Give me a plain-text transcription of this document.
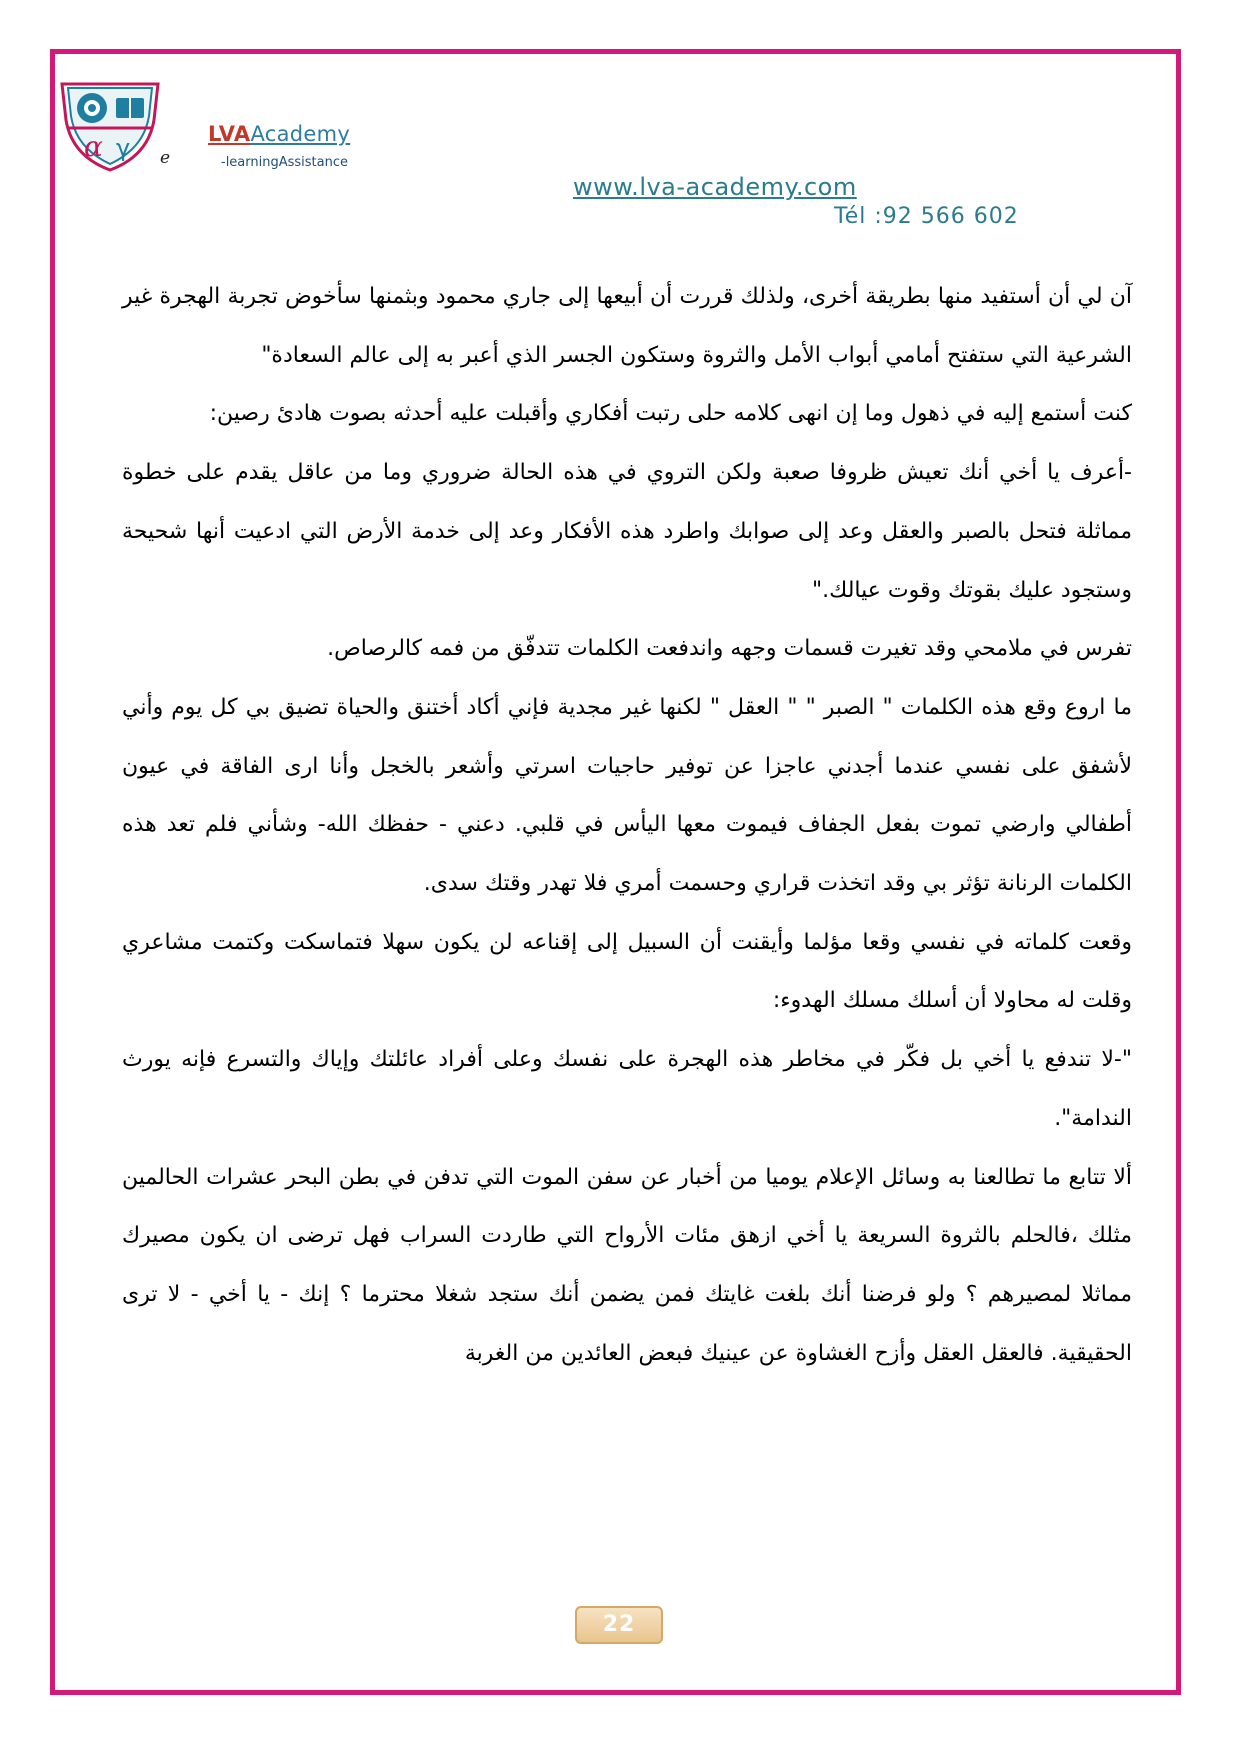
α γ e
LVAAcademy
-learningAssistance
www.lva-academy.com
Tél :92 566 602

آن لي أن أستفيد منها بطريقة أخرى، ولذلك قررت أن أبيعها إلى جاري محمود وبثمنها سأخوض تجربة الهجرة غير الشرعية التي ستفتح أمامي أبواب الأمل والثروة وستكون الجسر الذي أعبر به إلى عالم السعادة"

كنت أستمع إليه في ذهول وما إن انهى كلامه حلى رتبت أفكاري وأقبلت عليه أحدثه بصوت هادئ رصين:

-أعرف يا أخي أنك تعيش ظروفا صعبة ولكن التروي في هذه الحالة ضروري وما من عاقل يقدم على خطوة مماثلة فتحل بالصبر والعقل وعد إلى صوابك واطرد هذه الأفكار وعد إلى خدمة الأرض التي ادعيت أنها شحيحة وستجود عليك بقوتك وقوت عيالك."

تفرس في ملامحي وقد تغيرت قسمات وجهه واندفعت الكلمات تتدفّق من فمه كالرصاص.

ما اروع وقع هذه الكلمات " الصبر " " العقل " لكنها غير مجدية فإني أكاد أختنق والحياة تضيق بي كل يوم وأني لأشفق على نفسي عندما أجدني عاجزا عن توفير حاجيات اسرتي وأشعر بالخجل وأنا ارى الفاقة في عيون أطفالي وارضي تموت بفعل الجفاف فيموت معها اليأس في قلبي. دعني - حفظك الله- وشأني فلم تعد هذه الكلمات الرنانة تؤثر بي وقد اتخذت قراري وحسمت أمري فلا تهدر وقتك سدى.

وقعت كلماته في نفسي وقعا مؤلما وأيقنت أن السبيل إلى إقناعه لن يكون سهلا فتماسكت وكتمت مشاعري وقلت له محاولا أن أسلك مسلك الهدوء:

"-لا تندفع يا أخي بل فكّر في مخاطر هذه الهجرة على نفسك وعلى أفراد عائلتك وإياك والتسرع فإنه يورث الندامة".

ألا تتابع ما تطالعنا به وسائل الإعلام يوميا من أخبار عن سفن الموت التي تدفن في بطن البحر عشرات الحالمين مثلك ،فالحلم بالثروة السريعة يا أخي ازهق مئات الأرواح التي طاردت السراب فهل ترضى ان يكون مصيرك مماثلا لمصيرهم ؟ ولو فرضنا أنك بلغت غايتك فمن يضمن أنك ستجد شغلا محترما ؟ إنك - يا أخي - لا ترى الحقيقية. فالعقل العقل وأزح الغشاوة عن عينيك فبعض العائدين من الغربة

22
